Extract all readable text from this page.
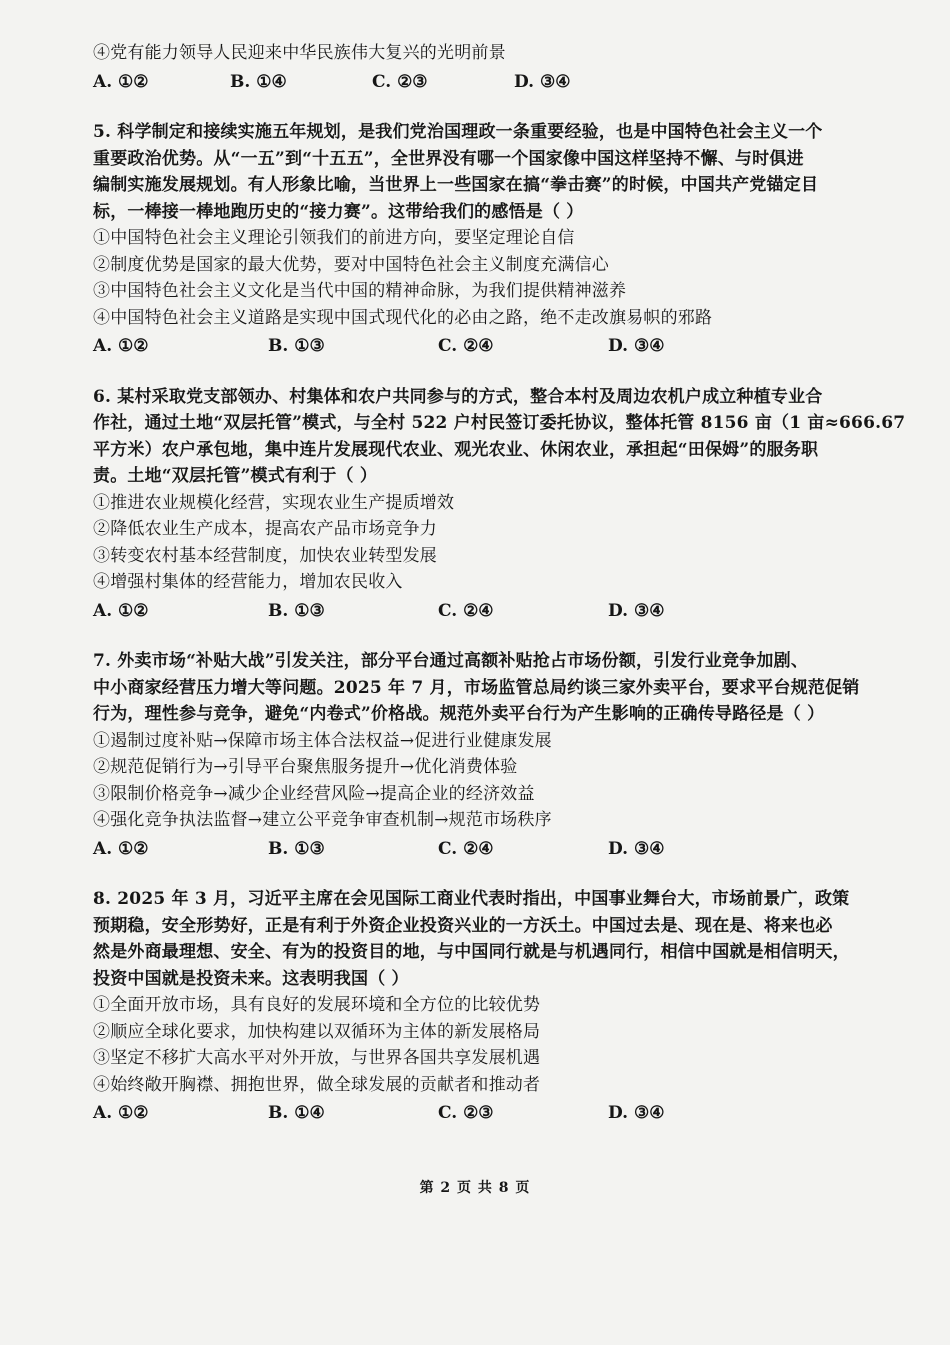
④党有能力领导人民迎来中华民族伟大复兴的光明前景
A. ①②	B. ①④	C. ②③	D. ③④
5. 科学制定和接续实施五年规划，是我们党治国理政一条重要经验，也是中国特色社会主义一个
重要政治优势。从“一五”到“十五五”，全世界没有哪一个国家像中国这样坚持不懈、与时俱进
编制实施发展规划。有人形象比喻，当世界上一些国家在搞“拳击赛”的时候，中国共产党锚定目
标，一棒接一棒地跑历史的“接力赛”。这带给我们的感悟是（ ）
①中国特色社会主义理论引领我们的前进方向，要坚定理论自信
②制度优势是国家的最大优势，要对中国特色社会主义制度充满信心
③中国特色社会主义文化是当代中国的精神命脉，为我们提供精神滋养
④中国特色社会主义道路是实现中国式现代化的必由之路，绝不走改旗易帜的邪路
A. ①②	B. ①③	C. ②④	D. ③④
6. 某村采取党支部领办、村集体和农户共同参与的方式，整合本村及周边农机户成立种植专业合
作社，通过土地“双层托管”模式，与全村 522 户村民签订委托协议，整体托管 8156 亩（1 亩≈666.67
平方米）农户承包地，集中连片发展现代农业、观光农业、休闲农业，承担起“田保姆”的服务职
责。土地“双层托管”模式有利于（ ）
①推进农业规模化经营，实现农业生产提质增效
②降低农业生产成本，提高农产品市场竞争力
③转变农村基本经营制度，加快农业转型发展
④增强村集体的经营能力，增加农民收入
A. ①②	B. ①③	C. ②④	D. ③④
7. 外卖市场“补贴大战”引发关注，部分平台通过高额补贴抢占市场份额，引发行业竞争加剧、
中小商家经营压力增大等问题。2025 年 7 月，市场监管总局约谈三家外卖平台，要求平台规范促销
行为，理性参与竞争，避免“内卷式”价格战。规范外卖平台行为产生影响的正确传导路径是（ ）
①遏制过度补贴→保障市场主体合法权益→促进行业健康发展
②规范促销行为→引导平台聚焦服务提升→优化消费体验
③限制价格竞争→减少企业经营风险→提高企业的经济效益
④强化竞争执法监督→建立公平竞争审查机制→规范市场秩序
A. ①②	B. ①③	C. ②④	D. ③④
8. 2025 年 3 月，习近平主席在会见国际工商业代表时指出，中国事业舞台大，市场前景广，政策
预期稳，安全形势好，正是有利于外资企业投资兴业的一方沃土。中国过去是、现在是、将来也必
然是外商最理想、安全、有为的投资目的地，与中国同行就是与机遇同行，相信中国就是相信明天，
投资中国就是投资未来。这表明我国（ ）
①全面开放市场，具有良好的发展环境和全方位的比较优势
②顺应全球化要求，加快构建以双循环为主体的新发展格局
③坚定不移扩大高水平对外开放，与世界各国共享发展机遇
④始终敞开胸襟、拥抱世界，做全球发展的贡献者和推动者
A. ①②	B. ①④	C. ②③	D. ③④
第 2 页 共 8 页
